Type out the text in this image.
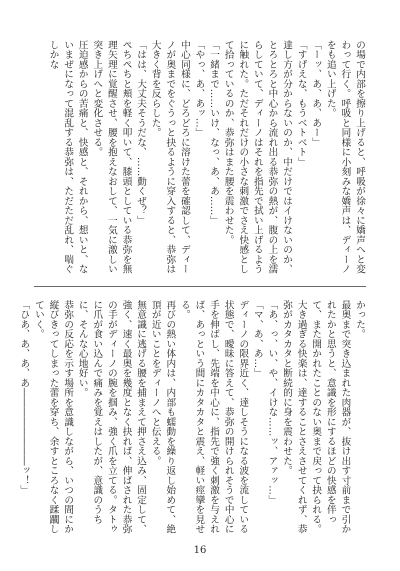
の場で内部を擦り上げると、呼吸が徐々に嬌声へと変わって行く。呼吸と同様に小刻みな嬌声は、ディーノをも追い上げた。

「ーッ、あ、あ、あー」

「すげえな、もうベトベト」

達し方が分からないのか、中だけではイけないのか、とろとろと中心から流れ出る恭弥の熱が、腹の上を濡らしていて、ディーノはそれを指先で拭い上げるように触れた。ただそれだけの小さな刺激でさえ快感として拾っているのか、恭弥はまた腰を震わせた。

「一緒まで……いけ、なっ、あ、あ……」

「やっ、あ、あッ…」

中心同様に、どろどろに溶けた蕾を確認して、ディーノが奥までをぐうっと抉るように穿入すると、恭弥は大きく背を反らした。

「はは、大丈夫そうだな、……動くぜ？」

ぺちぺちと頬を軽く叩いて、膝頭としている恭弥を無理矢理に覚醒させ、腰を抱えなおして、一気に激しい突き上げへと変化させる。

圧迫感からの苦痛と、快感と、それから、想いと、ないまぜになって混乱する恭弥は、ただただ乱れ、喘ぐしかな

かった。

最奥まで突き込まれた肉器が、抜け出す寸前まで引かれたかと思うと、意識を形にするほどの快感を伴って、また開かれたことのない奥まで戻って抉られる。大き過ぎる快楽は、達することさえさせてくれず、恭弥がカタカタと断続的に身を震わせた。

「あ、っ、い、や、イけな……ッ、アァッ…」

「マ、あ、あ…」

ディーノの限界近く、達しそうになる波を流している状態で、曖昧に答えて、恭弥の開けられそうで中心に手を伸ばし、先端を中心に、指先で強く刺激を与えれば、あっという間にカタカタと震え、軽い痙攣を見せる。

再びの熱い体内は、内部も蠕動を繰り返し始めて、絶頂が近いことをディーノへと伝える。

無意識に逃げる腰を捕まえて押さえ込み、固定して、強く、速く最奥を幾度となく抉れば、伸ばされた恭弥の手がディーノの腕を掴み、強く爪を立てる。タトゥに爪が食い込んで痛みを覚えはしたが、意識のうちに、そんな心地好い。

恭弥の反応を示す場所を意識しながら、いつの間にか縦びきってしまった蕾を穿ち、余すところなく蹂躙していく。

「ひあ、あ、あ、あ――――――――ッ！」

16
